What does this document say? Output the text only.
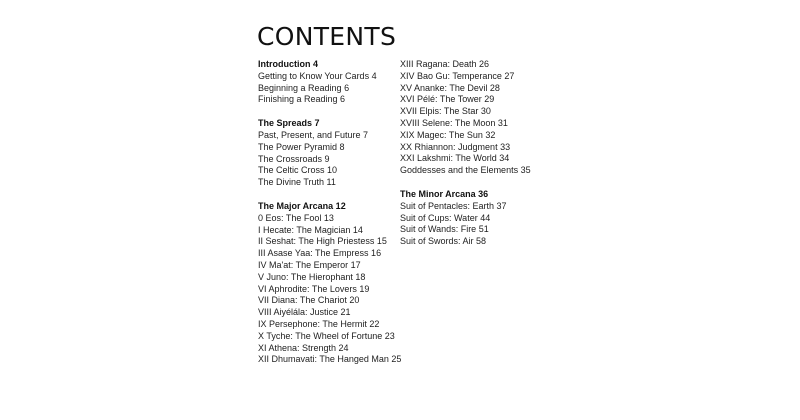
CONTENTS
Introduction 4
Getting to Know Your Cards 4
Beginning a Reading 6
Finishing a Reading 6
The Spreads 7
Past, Present, and Future 7
The Power Pyramid 8
The Crossroads 9
The Celtic Cross 10
The Divine Truth 11
The Major Arcana 12
0 Eos: The Fool 13
I Hecate: The Magician 14
II Seshat: The High Priestess 15
III Asase Yaa: The Empress 16
IV Ma'at: The Emperor 17
V Juno: The Hierophant 18
VI Aphrodite: The Lovers 19
VII Diana: The Chariot 20
VIII Aiyélála: Justice 21
IX Persephone: The Hermit 22
X Tyche: The Wheel of Fortune 23
XI Athena: Strength 24
XII Dhumavati: The Hanged Man 25
XIII Ragana: Death 26
XIV Bao Gu: Temperance 27
XV Ananke: The Devil 28
XVI Pélé: The Tower 29
XVII Elpis: The Star 30
XVIII Selene: The Moon 31
XIX Magec: The Sun 32
XX Rhiannon: Judgment 33
XXI Lakshmi: The World 34
Goddesses and the Elements 35
The Minor Arcana 36
Suit of Pentacles: Earth 37
Suit of Cups: Water 44
Suit of Wands: Fire 51
Suit of Swords: Air 58
